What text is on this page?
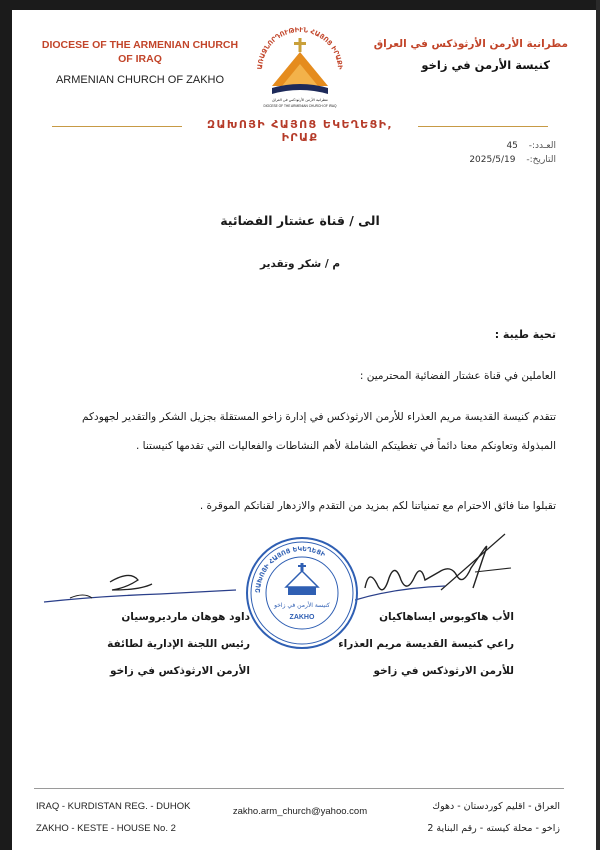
DIOCESE OF THE ARMENIAN CHURCH
OF IRAQ
ARMENIAN CHURCH OF ZAKHO
ԱՌԱՋՆՈՐԴՈՒԹԻՒՆ ՀԱՅՈՑ ԻՐԱՔԻ
مطرانية الأرمن الأرثوذكس في العراق
DIOCESE OF THE ARMENIAN CHURCH OF IRAQ
مطرانية الأرمن الأرثوذكس في العراق
كنيسة الأرمن في زاخو
ԶԱԽՈՅԻ ՀԱՅՈՑ ԵԿԵՂԵՑԻ, ԻՐԱՔ
العـدد:- 45
التاريخ:- 2025/5/19
الى / قناة عشتار الفضائية
م / شكر وتقدير
تحية طيبة :
العاملين في قناة عشتار الفضائية المحترمين :
تتقدم كنيسة القديسة مريم العذراء للأرمن الارثوذكس في إدارة زاخو المستقلة بجزيل الشكر والتقدير لجهودكم المبذولة وتعاونكم معنا دائماً في تغطيتكم الشاملة لأهم النشاطات والفعاليات التي تقدمها كنيستنا .
تقبلوا منا فائق الاحترام مع تمنياتنا لكم بمزيد من التقدم والازدهار لقناتكم الموقرة .
ԶԱԽՈՅԻ ՀԱՅՈՑ ԵԿԵՂԵՑԻ
كنيسة الأرمن في زاخو
ZAKHO	الأب هاكوبوس ايساهاكيان
راعي كنيسة القديسة مريم العذراء
للأرمن الارثوذكس في زاخو
داود هوهان مارديروسيان
رئيس اللجنة الإدارية لطائفة
الأرمن الارثوذكس في زاخو
IRAQ - KURDISTAN REG. - DUHOK
ZAKHO - KESTE - HOUSE No. 2
zakho.arm_church@yahoo.com	العراق - اقليم كوردستان - دهوك
زاخو - محلة كيسته - رقم البناية 2
